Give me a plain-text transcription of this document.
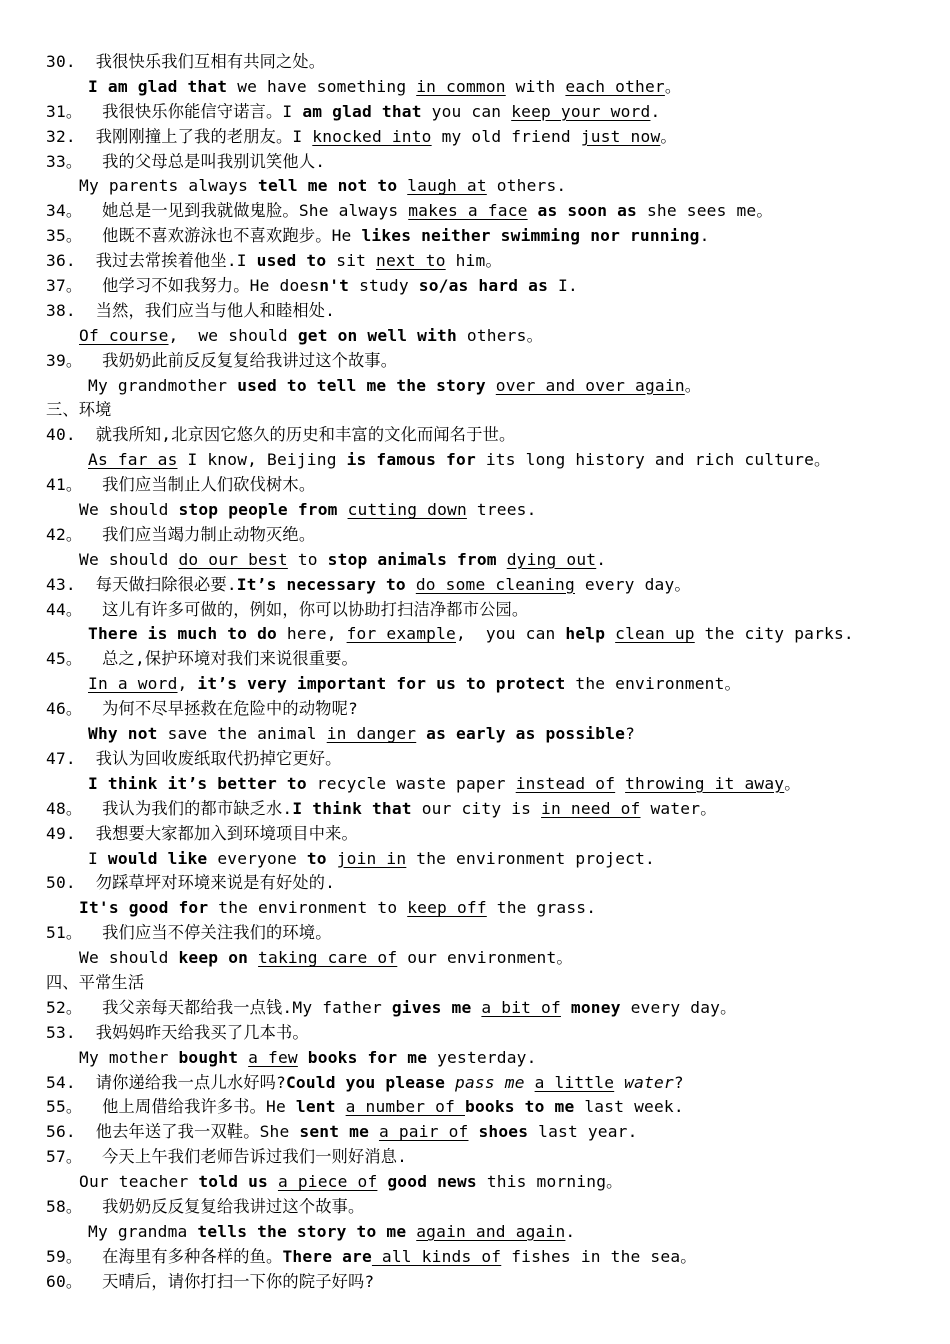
30.  我很快乐我们互相有共同之处。
I am glad that we have something in common with each other。
31。  我很快乐你能信守诺言。I am glad that you can keep your word.
32.  我刚刚撞上了我的老朋友。I knocked into my old friend just now。
33。  我的父母总是叫我别讥笑他人.
My parents always tell me not to laugh at others.
34。  她总是一见到我就做鬼脸。She always makes a face as soon as she sees me。
35。  他既不喜欢游泳也不喜欢跑步。He likes neither swimming nor running.
36.  我过去常挨着他坐.I used to sit next to him。
37。  他学习不如我努力。He doesn't study so/as hard as I.
38.  当然，我们应当与他人和睦相处.
Of course,  we should get on well with others。
39。  我奶奶此前反反复复给我讲过这个故事。
My grandmother used to tell me the story over and over again。
三、环境
40.  就我所知,北京因它悠久的历史和丰富的文化而闻名于世。
As far as I know, Beijing is famous for its long history and rich culture。
41。  我们应当制止人们砍伐树木。
We should stop people from cutting down trees.
42。  我们应当竭力制止动物灭绝。
We should do our best to stop animals from dying out.
43.  每天做扫除很必要.It’s necessary to do some cleaning every day。
44。  这儿有许多可做的，例如，你可以协助打扫洁净都市公园。
There is much to do here, for example,  you can help clean up the city parks.
45。  总之,保护环境对我们来说很重要。
In a word, it’s very important for us to protect the environment。
46。  为何不尽早拯救在危险中的动物呢?
Why not save the animal in danger as early as possible?
47.  我认为回收废纸取代扔掉它更好。
I think it’s better to recycle waste paper instead of throwing it away。
48。  我认为我们的都市缺乏水.I think that our city is in need of water。
49.  我想要大家都加入到环境项目中来。
I would like everyone to join in the environment project.
50.  勿踩草坪对环境来说是有好处的.
It's good for the environment to keep off the grass.
51。  我们应当不停关注我们的环境。
We should keep on taking care of our environment。
四、平常生活
52。  我父亲每天都给我一点钱.My father gives me a bit of money every day。
53.  我妈妈昨天给我买了几本书。
My mother bought a few books for me yesterday.
54.  请你递给我一点儿水好吗?Could you please pass me a little water?
55。  他上周借给我许多书。He lent a number of books to me last week.
56.  他去年送了我一双鞋。She sent me a pair of shoes last year.
57。  今天上午我们老师告诉过我们一则好消息.
Our teacher told us a piece of good news this morning。
58。  我奶奶反反复复给我讲过这个故事。
My grandma tells the story to me again and again.
59。  在海里有多种各样的鱼。There are all kinds of fishes in the sea。
60。  天晴后，请你打扫一下你的院子好吗?
